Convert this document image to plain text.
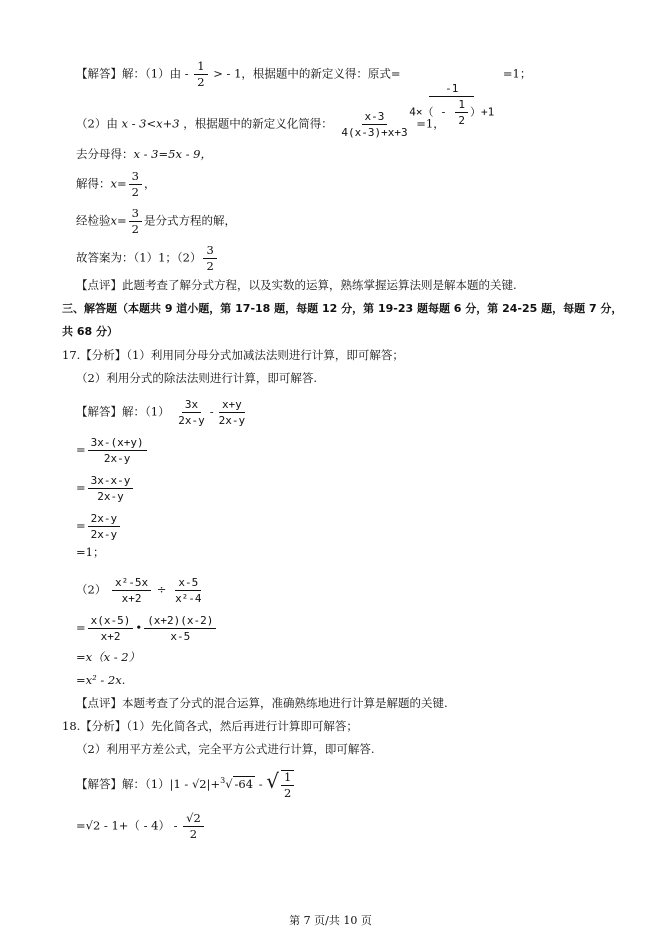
【解答】解：（1）由 - $\frac{1}{2}$ > - 1，根据题中的新定义得：原式=
$\frac{-1}{4\times( - \frac{1}{2} )+1}$
=1；
（2）由 x - 3<x+3 ，根据题中的新定义化简得： $\frac{x-3}{4(x-3)+x+3} =1$，
去分母得：x - 3=5x - 9，
解得：$x= \frac{3}{2}$ ，
经检验$x= \frac{3}{2}$ 是分式方程的解，
故答案为：（1）1；$(2) \frac{3}{2}$
【点评】此题考查了解分式方程，以及实数的运算，熟练掌握运算法则是解本题的关键.
三、解答题（本题共 9 道小题，第 17-18 题，每题 12 分，第 19-23 题每题 6 分，第 24-25 题，每题 7 分，
共 68 分）
17.【分析】（1）利用同分母分式加减法法则进行计算，即可解答；
（2）利用分式的除法法则进行计算，即可解答.
【解答】解：$(1) \frac{3x}{2x-y} - \frac{x+y}{2x-y}$
= $\frac{3x-(x+y)}{2x-y}$
= $\frac{3x-x-y}{2x-y}$
= $\frac{2x-y}{2x-y}$
=1；
$(2) \frac{\text{x²-5x}}{x+2} \div \frac{x-5}{\text{x²-4}}$
= $\frac{x(x-5)}{x+2}$ • $\frac{(x+2)(x-2)}{x-5}$
=x（x - 2）
=x² - 2x.
【点评】本题考查了分式的混合运算，准确熟练地进行计算是解题的关键.
18.【分析】（1）先化简各式，然后再进行计算即可解答；
（2）利用平方差公式，完全平方公式进行计算，即可解答.
【解答】解：（1）|1 - √2|+$^3$√ -64 - √ $\frac{1}{2}$
$=√2 - 1+( - 4) - \frac{√2}{2}$
第 7 页/共 10 页
